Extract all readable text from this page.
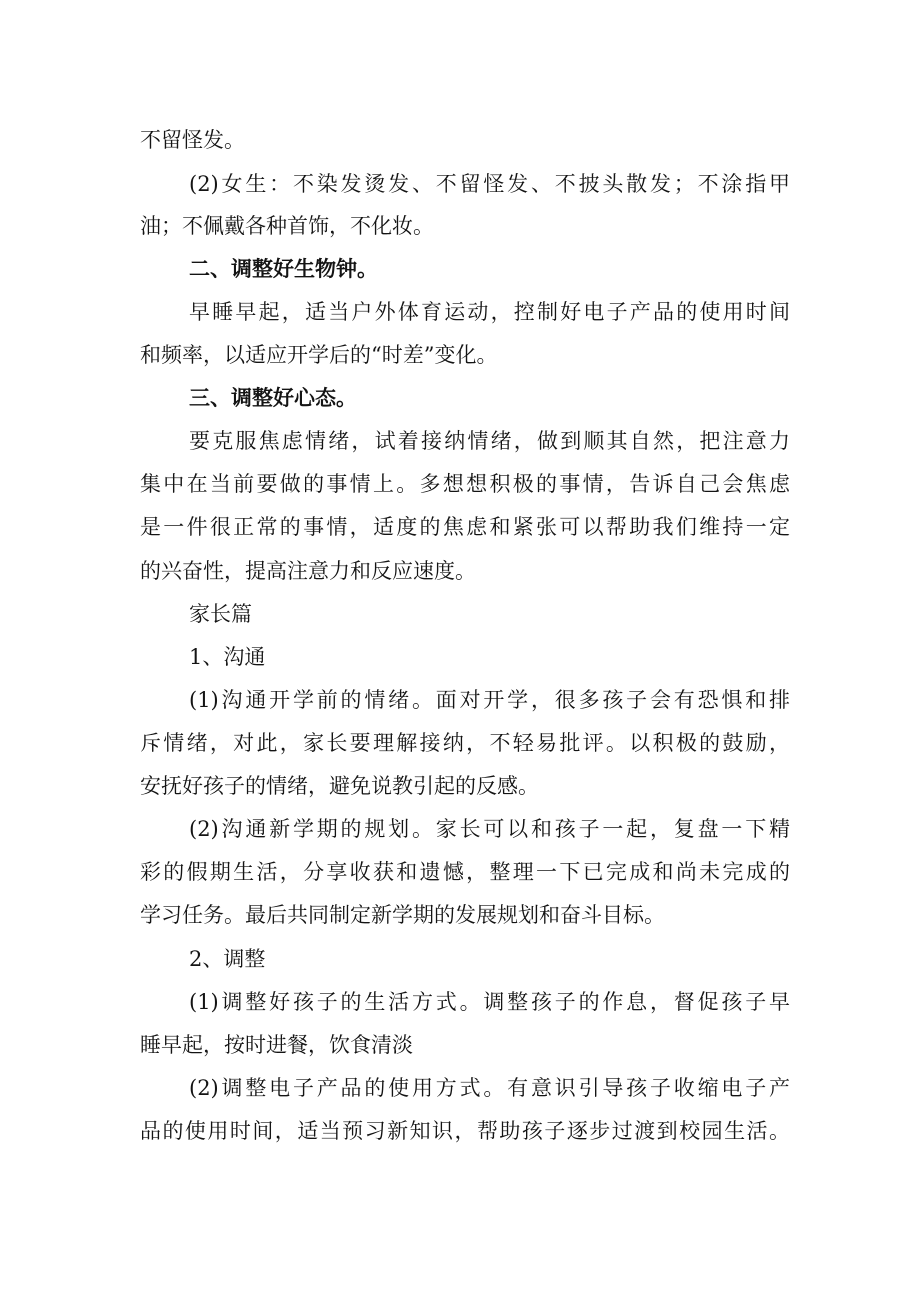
不留怪发。
(2)女生：不染发烫发、不留怪发、不披头散发；不涂指甲
油；不佩戴各种首饰，不化妆。
二、调整好生物钟。
早睡早起，适当户外体育运动，控制好电子产品的使用时间
和频率，以适应开学后的“时差”变化。
三、调整好心态。
要克服焦虑情绪，试着接纳情绪，做到顺其自然，把注意力
集中在当前要做的事情上。多想想积极的事情，告诉自己会焦虑
是一件很正常的事情，适度的焦虑和紧张可以帮助我们维持一定
的兴奋性，提高注意力和反应速度。
家长篇
1、沟通
(1)沟通开学前的情绪。面对开学，很多孩子会有恐惧和排
斥情绪，对此，家长要理解接纳，不轻易批评。以积极的鼓励，
安抚好孩子的情绪，避免说教引起的反感。
(2)沟通新学期的规划。家长可以和孩子一起，复盘一下精
彩的假期生活，分享收获和遗憾，整理一下已完成和尚未完成的
学习任务。最后共同制定新学期的发展规划和奋斗目标。
2、调整
(1)调整好孩子的生活方式。调整孩子的作息，督促孩子早
睡早起，按时进餐，饮食清淡
(2)调整电子产品的使用方式。有意识引导孩子收缩电子产
品的使用时间，适当预习新知识，帮助孩子逐步过渡到校园生活。
